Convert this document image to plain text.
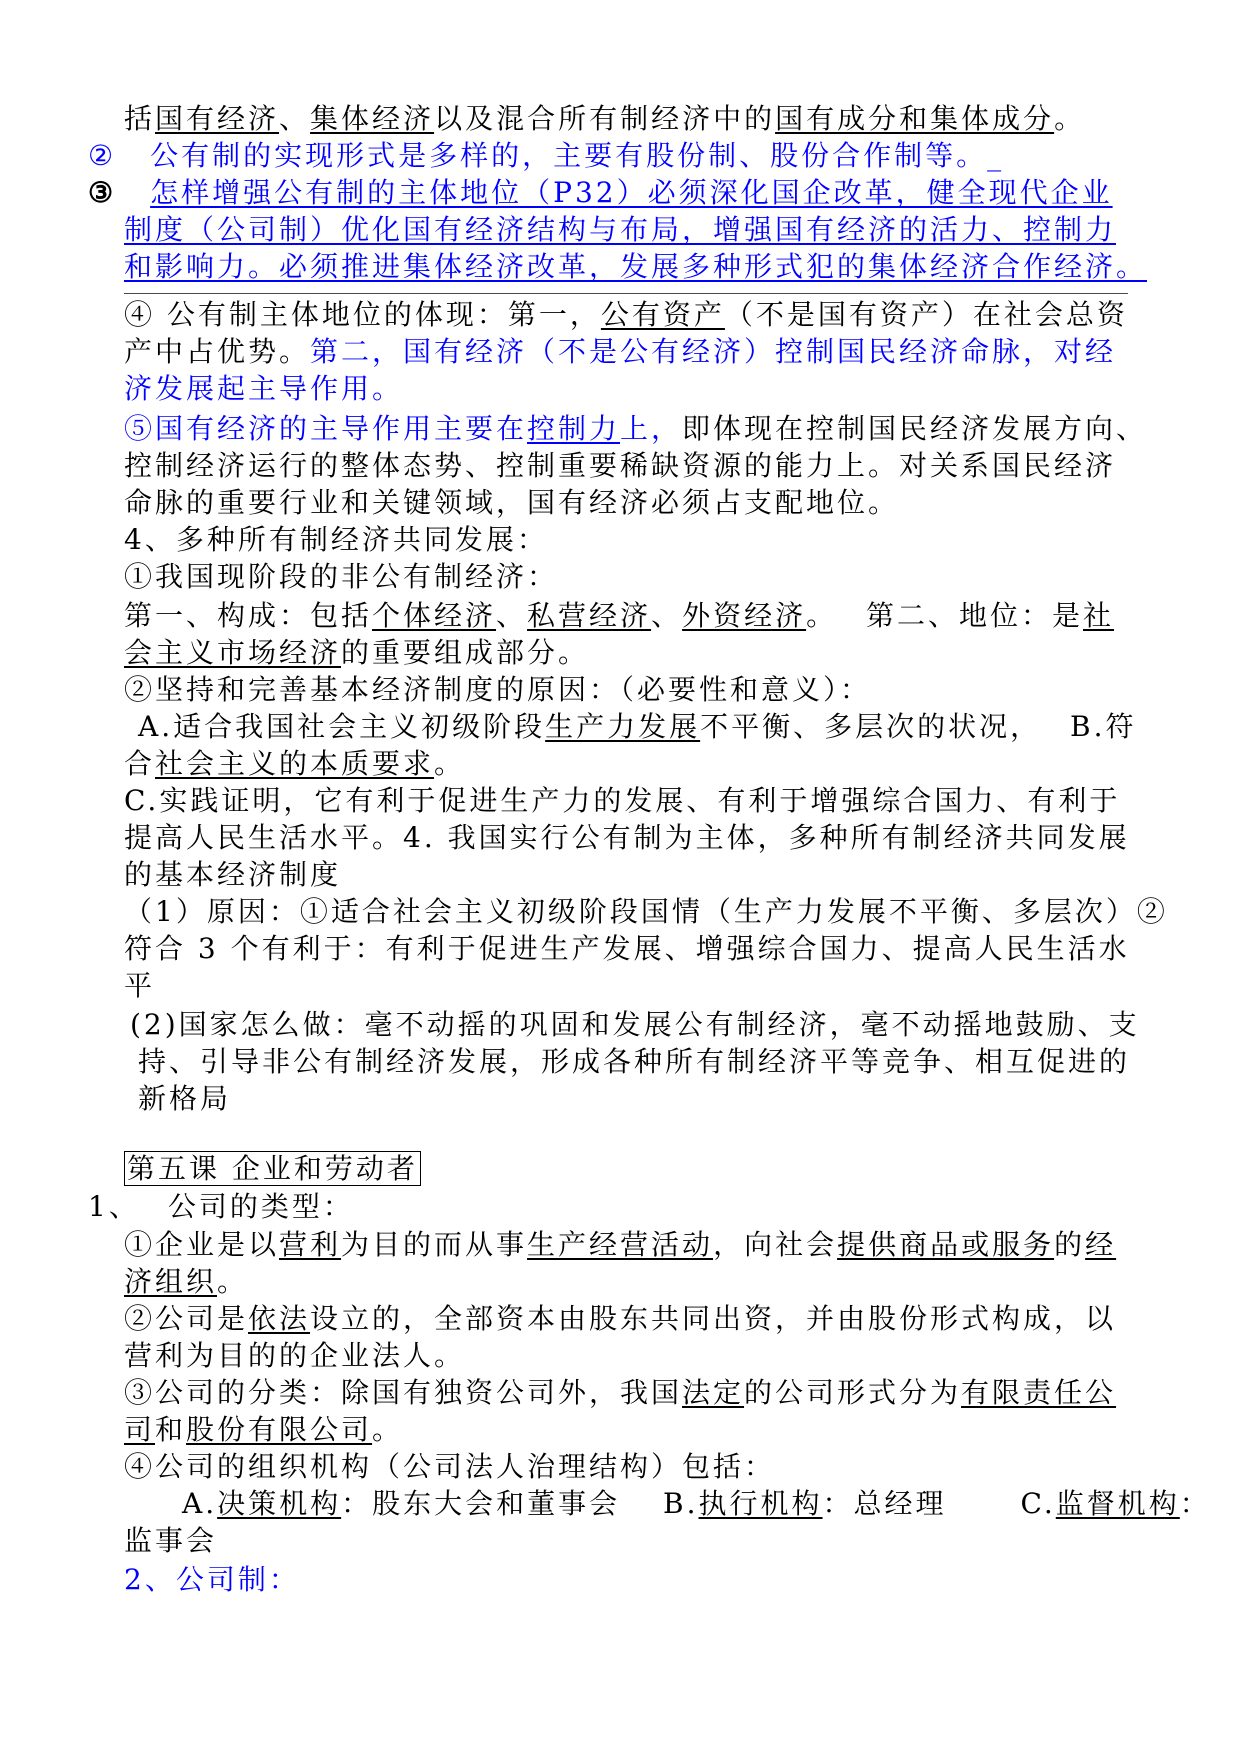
括国有经济、集体经济以及混合所有制经济中的国有成分和集体成分。
② 公有制的实现形式是多样的，主要有股份制、股份合作制等。_
③ 怎样增强公有制的主体地位（P32）必须深化国企改革，健全现代企业
制度（公司制）优化国有经济结构与布局，增强国有经济的活力、控制力
和影响力。必须推进集体经济改革，发展多种形式犯的集体经济合作经济。
④ 公有制主体地位的体现：第一，公有资产（不是国有资产）在社会总资
产中占优势。第二，国有经济（不是公有经济）控制国民经济命脉，对经
济发展起主导作用。
⑤国有经济的主导作用主要在控制力上，即体现在控制国民经济发展方向、
控制经济运行的整体态势、控制重要稀缺资源的能力上。对关系国民经济
命脉的重要行业和关键领域，国有经济必须占支配地位。
4、多种所有制经济共同发展：
①我国现阶段的非公有制经济：
第一、构成：包括个体经济、私营经济、外资经济。　 第二、地位：是社
会主义市场经济的重要组成部分。
②坚持和完善基本经济制度的原因：（必要性和意义）：
A.适合我国社会主义初级阶段生产力发展不平衡、多层次的状况，　 B.符
合社会主义的本质要求。
C.实践证明，它有利于促进生产力的发展、有利于增强综合国力、有利于
提高人民生活水平。4. 我国实行公有制为主体，多种所有制经济共同发展
的基本经济制度
（1）原因：①适合社会主义初级阶段国情（生产力发展不平衡、多层次）②
符合 3 个有利于：有利于促进生产发展、增强综合国力、提高人民生活水
平
(2)国家怎么做：毫不动摇的巩固和发展公有制经济，毫不动摇地鼓励、支
持、引导非公有制经济发展，形成各种所有制经济平等竞争、相互促进的
新格局
第五课 企业和劳动者
1、 公司的类型：
①企业是以营利为目的而从事生产经营活动，向社会提供商品或服务的经
济组织。
②公司是依法设立的，全部资本由股东共同出资，并由股份形式构成，以
营利为目的的企业法人。
③公司的分类：除国有独资公司外，我国法定的公司形式分为有限责任公
司和股份有限公司。
④公司的组织机构（公司法人治理结构）包括：
A.决策机构：股东大会和董事会　 B.执行机构：总经理　 　C.监督机构：
监事会
2、公司制：
